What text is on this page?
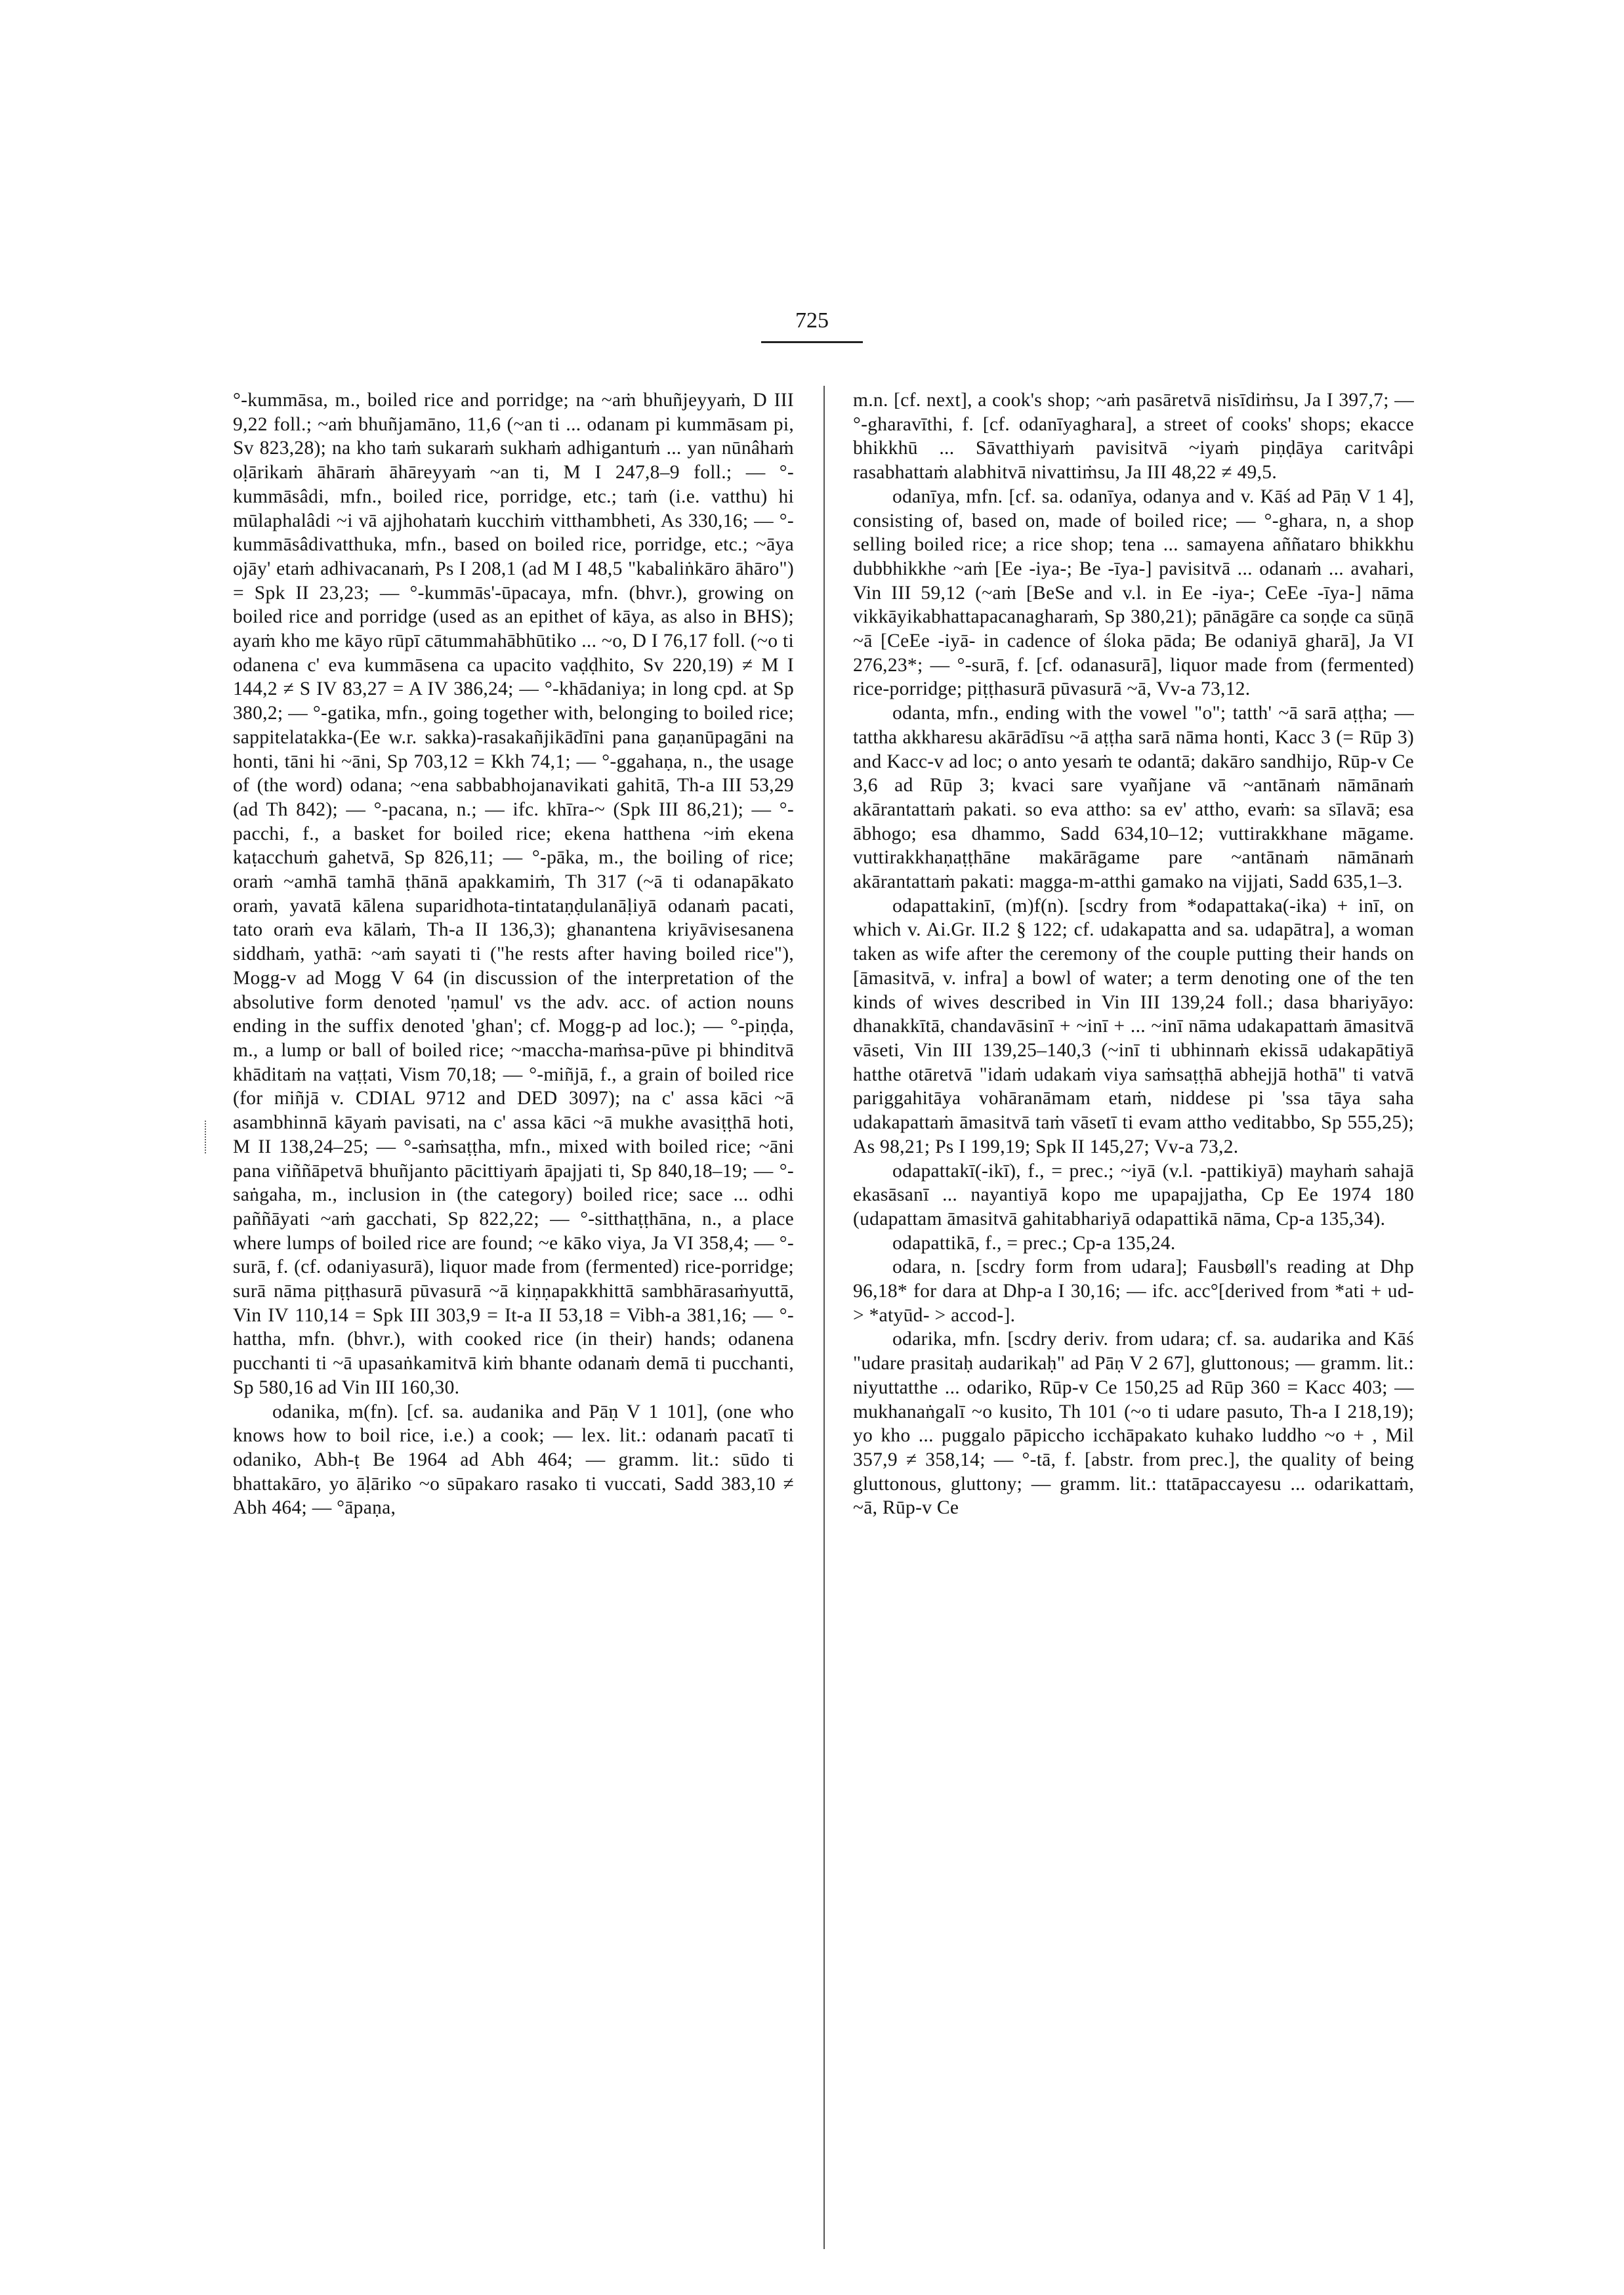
725

°-kummāsa, m., boiled rice and porridge; na ~aṁ bhuñjeyyaṁ, D III 9,22 foll.; ~aṁ bhuñjamāno, 11,6 (~an ti ... odanam pi kummāsam pi, Sv 823,28); na kho taṁ sukaraṁ sukhaṁ adhigantuṁ ... yan nūnâhaṁ oḷārikaṁ āhāraṁ āhāreyyaṁ ~an ti, M I 247,8–9 foll.; — °-kummāsâdi, mfn., boiled rice, porridge, etc.; taṁ (i.e. vatthu) hi mūlaphalâdi ~i vā ajjhohataṁ kucchiṁ vitthambheti, As 330,16; — °-kummāsâdivatthuka, mfn., based on boiled rice, porridge, etc.; ~āya ojāy' etaṁ adhivacanaṁ, Ps I 208,1 (ad M I 48,5 "kabaliṅkāro āhāro") = Spk II 23,23; — °-kummās'-ūpacaya, mfn. (bhvr.), growing on boiled rice and porridge (used as an epithet of kāya, as also in BHS); ayaṁ kho me kāyo rūpī cātummahābhūtiko ... ~o, D I 76,17 foll. (~o ti odanena c' eva kummāsena ca upacito vaḍḍhito, Sv 220,19) ≠ M I 144,2 ≠ S IV 83,27 = A IV 386,24; — °-khādaniya; in long cpd. at Sp 380,2; — °-gatika, mfn., going together with, belonging to boiled rice; sappitelatakka-(Ee w.r. sakka)-rasakañjikādīni pana gaṇanūpagāni na honti, tāni hi ~āni, Sp 703,12 = Kkh 74,1; — °-ggahaṇa, n., the usage of (the word) odana; ~ena sabbabhojanavikati gahitā, Th-a III 53,29 (ad Th 842); — °-pacana, n.; — ifc. khīra-~ (Spk III 86,21); — °-pacchi, f., a basket for boiled rice; ekena hatthena ~iṁ ekena kaṭacchuṁ gahetvā, Sp 826,11; — °-pāka, m., the boiling of rice; oraṁ ~amhā tamhā ṭhānā apakkamiṁ, Th 317 (~ā ti odanapākato oraṁ, yavatā kālena suparidhota-tintataṇḍulanāḷiyā odanaṁ pacati, tato oraṁ eva kālaṁ, Th-a II 136,3); ghanantena kriyāvisesanena siddhaṁ, yathā: ~aṁ sayati ti ("he rests after having boiled rice"), Mogg-v ad Mogg V 64 (in discussion of the interpretation of the absolutive form denoted 'ṇamul' vs the adv. acc. of action nouns ending in the suffix denoted 'ghan'; cf. Mogg-p ad loc.); — °-piṇḍa, m., a lump or ball of boiled rice; ~maccha-maṁsa-pūve pi bhinditvā khāditaṁ na vaṭṭati, Vism 70,18; — °-miñjā, f., a grain of boiled rice (for miñjā v. CDIAL 9712 and DED 3097); na c' assa kāci ~ā asambhinnā kāyaṁ pavisati, na c' assa kāci ~ā mukhe avasiṭṭhā hoti, M II 138,24–25; — °-saṁsaṭṭha, mfn., mixed with boiled rice; ~āni pana viññāpetvā bhuñjanto pācittiyaṁ āpajjati ti, Sp 840,18–19; — °-saṅgaha, m., inclusion in (the category) boiled rice; sace ... odhi paññāyati ~aṁ gacchati, Sp 822,22; — °-sitthaṭṭhāna, n., a place where lumps of boiled rice are found; ~e kāko viya, Ja VI 358,4; — °-surā, f. (cf. odaniyasurā), liquor made from (fermented) rice-porridge; surā nāma piṭṭhasurā pūvasurā ~ā kiṇṇapakkhittā sambhārasaṁyuttā, Vin IV 110,14 = Spk III 303,9 = It-a II 53,18 = Vibh-a 381,16; — °-hattha, mfn. (bhvr.), with cooked rice (in their) hands; odanena pucchanti ti ~ā upasaṅkamitvā kiṁ bhante odanaṁ demā ti pucchanti, Sp 580,16 ad Vin III 160,30.

odanika, m(fn). [cf. sa. audanika and Pāṇ V 1 101], (one who knows how to boil rice, i.e.) a cook; — lex. lit.: odanaṁ pacatī ti odaniko, Abh-ṭ Be 1964 ad Abh 464; — gramm. lit.: sūdo ti bhattakāro, yo āḷāriko ~o sūpakaro rasako ti vuccati, Sadd 383,10 ≠ Abh 464; — °āpaṇa,

m.n. [cf. next], a cook's shop; ~aṁ pasāretvā nisīdiṁsu, Ja I 397,7; — °-gharavīthi, f. [cf. odanīyaghara], a street of cooks' shops; ekacce bhikkhū ... Sāvatthiyaṁ pavisitvā ~iyaṁ piṇḍāya caritvâpi rasabhattaṁ alabhitvā nivattiṁsu, Ja III 48,22 ≠ 49,5.

odanīya, mfn. [cf. sa. odanīya, odanya and v. Kāś ad Pāṇ V 1 4], consisting of, based on, made of boiled rice; — °-ghara, n, a shop selling boiled rice; a rice shop; tena ... samayena aññataro bhikkhu dubbhikkhe ~aṁ [Ee -iya-; Be -īya-] pavisitvā ... odanaṁ ... avahari, Vin III 59,12 (~aṁ [BeSe and v.l. in Ee -iya-; CeEe -īya-] nāma vikkāyikabhattapacanagharaṁ, Sp 380,21); pānāgāre ca soṇḍe ca sūṇā ~ā [CeEe -iyā- in cadence of śloka pāda; Be odaniyā gharā], Ja VI 276,23*; — °-surā, f. [cf. odanasurā], liquor made from (fermented) rice-porridge; piṭṭhasurā pūvasurā ~ā, Vv-a 73,12.

odanta, mfn., ending with the vowel "o"; tatth' ~ā sarā aṭṭha; — tattha akkharesu akārādīsu ~ā aṭṭha sarā nāma honti, Kacc 3 (= Rūp 3) and Kacc-v ad loc; o anto yesaṁ te odantā; dakāro sandhijo, Rūp-v Ce 3,6 ad Rūp 3; kvaci sare vyañjane vā ~antānaṁ nāmānaṁ akārantattaṁ pakati. so eva attho: sa ev' attho, evaṁ: sa sīlavā; esa ābhogo; esa dhammo, Sadd 634,10–12; vuttirakkhane māgame. vuttirakkhaṇaṭṭhāne makārāgame pare ~antānaṁ nāmānaṁ akārantattaṁ pakati: magga-m-atthi gamako na vijjati, Sadd 635,1–3.

odapattakinī, (m)f(n). [scdry from *odapattaka(-ika) + inī, on which v. Ai.Gr. II.2 § 122; cf. udakapatta and sa. udapātra], a woman taken as wife after the ceremony of the couple putting their hands on [āmasitvā, v. infra] a bowl of water; a term denoting one of the ten kinds of wives described in Vin III 139,24 foll.; dasa bhariyāyo: dhanakkītā, chandavāsinī + ~inī + ... ~inī nāma udakapattaṁ āmasitvā vāseti, Vin III 139,25–140,3 (~inī ti ubhinnaṁ ekissā udakapātiyā hatthe otāretvā "idaṁ udakaṁ viya saṁsaṭṭhā abhejjā hothā" ti vatvā pariggahitāya vohāranāmam etaṁ, niddese pi 'ssa tāya saha udakapattaṁ āmasitvā taṁ vāsetī ti evam attho veditabbo, Sp 555,25); As 98,21; Ps I 199,19; Spk II 145,27; Vv-a 73,2.

odapattakī(-ikī), f., = prec.; ~iyā (v.l. -pattikiyā) mayhaṁ sahajā ekasāsanī ... nayantiyā kopo me upapajjatha, Cp Ee 1974 180 (udapattam āmasitvā gahitabhariyā odapattikā nāma, Cp-a 135,34).

odapattikā, f., = prec.; Cp-a 135,24.

odara, n. [scdry form from udara]; Fausbøll's reading at Dhp 96,18* for dara at Dhp-a I 30,16; — ifc. acc°[derived from *ati + ud- > *atyūd- > accod-].

odarika, mfn. [scdry deriv. from udara; cf. sa. audarika and Kāś "udare prasitaḥ audarikaḥ" ad Pāṇ V 2 67], gluttonous; — gramm. lit.: niyuttatthe ... odariko, Rūp-v Ce 150,25 ad Rūp 360 = Kacc 403; — mukhanaṅgalī ~o kusito, Th 101 (~o ti udare pasuto, Th-a I 218,19); yo kho ... puggalo pāpiccho icchāpakato kuhako luddho ~o + , Mil 357,9 ≠ 358,14; — °-tā, f. [abstr. from prec.], the quality of being gluttonous, gluttony; — gramm. lit.: ttatāpaccayesu ... odarikattaṁ, ~ā, Rūp-v Ce
